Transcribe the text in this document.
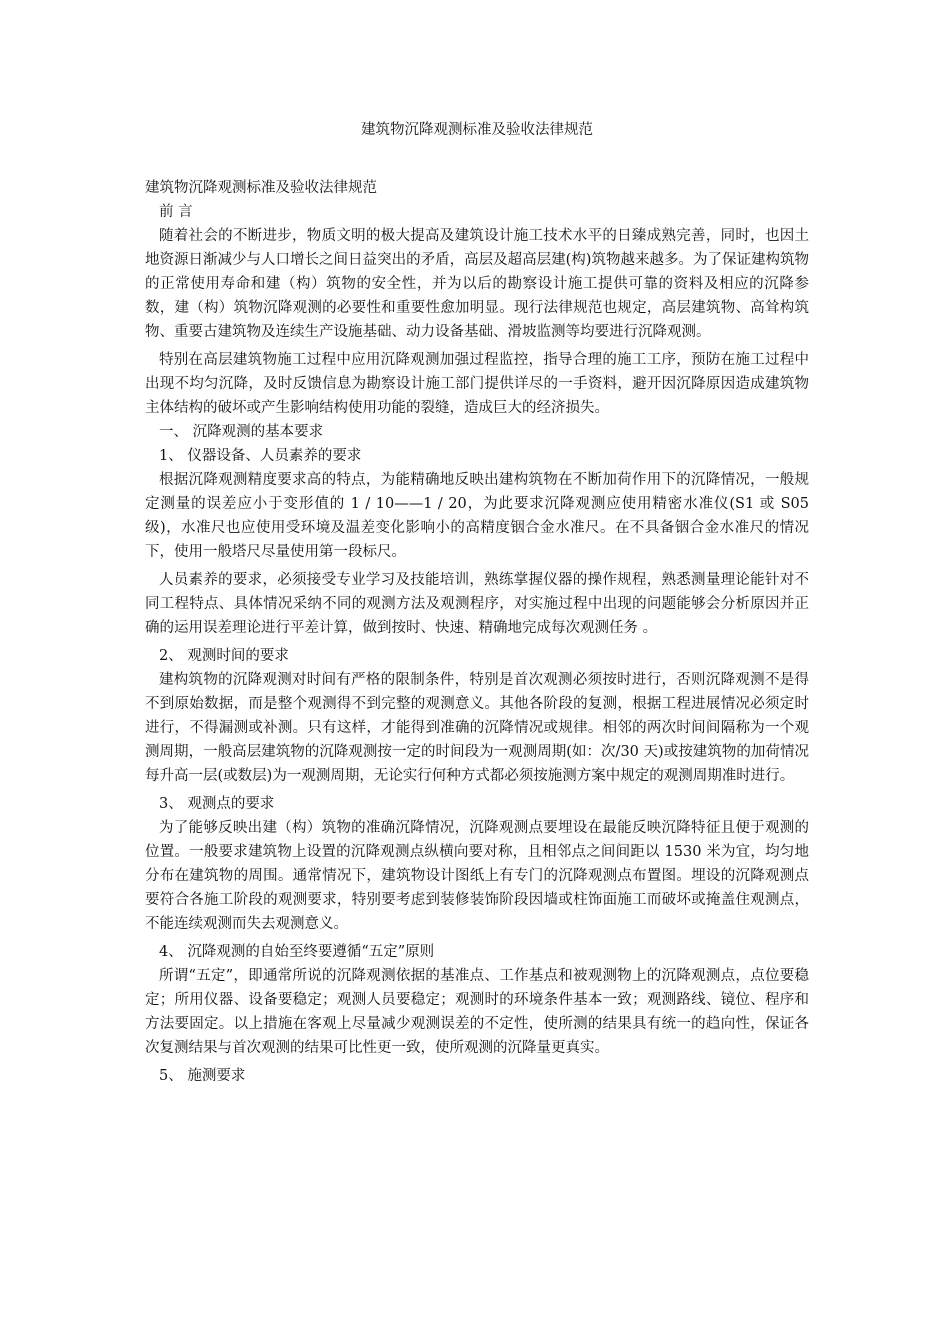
建筑物沉降观测标准及验收法律规范

建筑物沉降观测标准及验收法律规范

前 言

随着社会的不断进步，物质文明的极大提高及建筑设计施工技术水平的日臻成熟完善，同时，也因土地资源日渐减少与人口增长之间日益突出的矛盾，高层及超高层建(构)筑物越来越多。为了保证建构筑物的正常使用寿命和建（构）筑物的安全性，并为以后的勘察设计施工提供可靠的资料及相应的沉降参数，建（构）筑物沉降观测的必要性和重要性愈加明显。现行法律规范也规定，高层建筑物、高耸构筑物、重要古建筑物及连续生产设施基础、动力设备基础、滑坡监测等均要进行沉降观测。

特别在高层建筑物施工过程中应用沉降观测加强过程监控，指导合理的施工工序，预防在施工过程中出现不均匀沉降，及时反馈信息为勘察设计施工部门提供详尽的一手资料，避开因沉降原因造成建筑物主体结构的破坏或产生影响结构使用功能的裂缝，造成巨大的经济损失。

一、 沉降观测的基本要求

1、 仪器设备、人员素养的要求

根据沉降观测精度要求高的特点，为能精确地反映出建构筑物在不断加荷作用下的沉降情况，一般规定测量的误差应小于变形值的 1 / 10——1 / 20，为此要求沉降观测应使用精密水准仪(S1 或 S05 级)，水准尺也应使用受环境及温差变化影响小的高精度铟合金水准尺。在不具备铟合金水准尺的情况下，使用一般塔尺尽量使用第一段标尺。

人员素养的要求，必须接受专业学习及技能培训，熟练掌握仪器的操作规程，熟悉测量理论能针对不同工程特点、具体情况采纳不同的观测方法及观测程序，对实施过程中出现的问题能够会分析原因并正确的运用误差理论进行平差计算，做到按时、快速、精确地完成每次观测任务 。

2、 观测时间的要求

建构筑物的沉降观测对时间有严格的限制条件，特别是首次观测必须按时进行，否则沉降观测不是得不到原始数据，而是整个观测得不到完整的观测意义。其他各阶段的复测，根据工程进展情况必须定时进行，不得漏测或补测。只有这样，才能得到准确的沉降情况或规律。相邻的两次时间间隔称为一个观测周期，一般高层建筑物的沉降观测按一定的时间段为一观测周期(如：次/30 天)或按建筑物的加荷情况每升高一层(或数层)为一观测周期，无论实行何种方式都必须按施测方案中规定的观测周期准时进行。

3、 观测点的要求

为了能够反映出建（构）筑物的准确沉降情况，沉降观测点要埋设在最能反映沉降特征且便于观测的位置。一般要求建筑物上设置的沉降观测点纵横向要对称，且相邻点之间间距以 1530 米为宜，均匀地分布在建筑物的周围。通常情况下，建筑物设计图纸上有专门的沉降观测点布置图。埋设的沉降观测点要符合各施工阶段的观测要求，特别要考虑到装修装饰阶段因墙或柱饰面施工而破坏或掩盖住观测点，不能连续观测而失去观测意义。

4、 沉降观测的自始至终要遵循“五定”原则

所谓“五定”，即通常所说的沉降观测依据的基准点、工作基点和被观测物上的沉降观测点，点位要稳定；所用仪器、设备要稳定；观测人员要稳定；观测时的环境条件基本一致；观测路线、镜位、程序和方法要固定。以上措施在客观上尽量减少观测误差的不定性，使所测的结果具有统一的趋向性，保证各次复测结果与首次观测的结果可比性更一致，使所观测的沉降量更真实。

5、 施测要求
